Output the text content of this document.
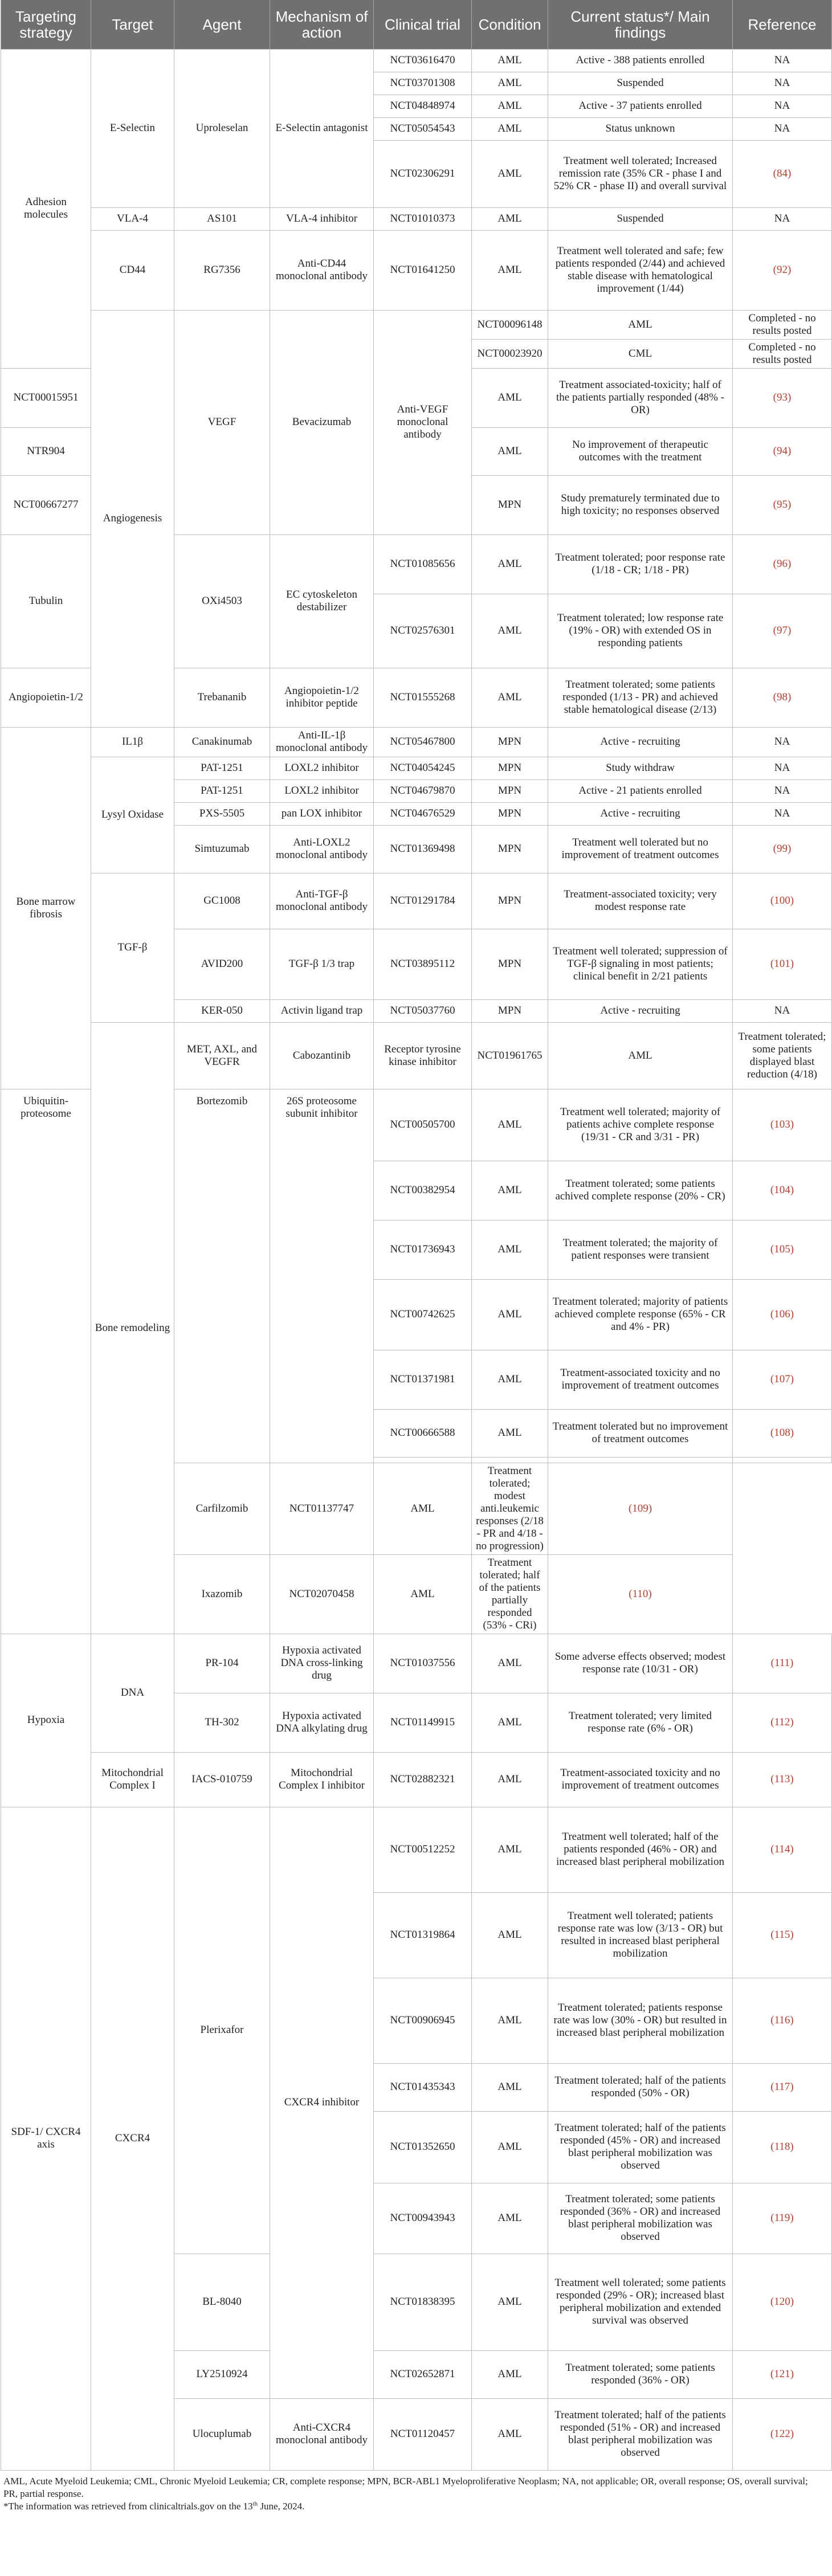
Targeting strategy	Target	Agent	Mechanism of action	Clinical trial	Condition	Current status*/ Main findings	Reference	
Adhesion molecules	E-Selectin	Uproleselan	E-Selectin antagonist	NCT03616470	AML	Active - 388 patients enrolled	NA	
				NCT03701308	AML	Suspended	NA	
				NCT04848974	AML	Active - 37 patients enrolled	NA	
				NCT05054543	AML	Status unknown	NA	
				NCT02306291	AML	Treatment well tolerated; Increased remission rate (35% CR - phase I and 52% CR - phase II) and overall survival	(84)	
	VLA-4	AS101	VLA-4 inhibitor	NCT01010373	AML	Suspended	NA	
	CD44	RG7356	Anti-CD44 monoclonal antibody	NCT01641250	AML	Treatment well tolerated and safe; few patients responded (2/44) and achieved stable disease with hematological improvement (1/44)	(92)	
	Angiogenesis	VEGF	Bevacizumab	Anti-VEGF monoclonal antibody	NCT00096148	AML	Completed - no results posted	
					NCT00023920	CML	Completed - no results posted	
NCT00015951					AML	Treatment associated-toxicity; half of the patients partially responded (48% - OR)	(93)	
NTR904					AML	No improvement of therapeutic outcomes with the treatment	(94)	
NCT00667277					MPN	Study prematurely terminated due to high toxicity; no responses observed	(95)	
Tubulin		OXi4503	EC cytoskeleton destabilizer	NCT01085656	AML	Treatment tolerated; poor response rate (1/18 - CR; 1/18 - PR)	(96)	
				NCT02576301	AML	Treatment tolerated; low response rate (19% - OR) with extended OS in responding patients	(97)	
Angiopoietin-1/2		Trebananib	Angiopoietin-1/2 inhibitor peptide	NCT01555268	AML	Treatment tolerated; some patients responded (1/13 - PR) and achieved stable hematological disease (2/13)	(98)	
Bone marrow fibrosis	IL1β	Canakinumab	Anti-IL-1β monoclonal antibody	NCT05467800	MPN	Active - recruiting	NA	
	Lysyl Oxidase	PAT-1251	LOXL2 inhibitor	NCT04054245	MPN	Study withdraw	NA	
		PAT-1251	LOXL2 inhibitor	NCT04679870	MPN	Active - 21 patients enrolled	NA	
		PXS-5505	pan LOX inhibitor	NCT04676529	MPN	Active - recruiting	NA	
		Simtuzumab	Anti-LOXL2 monoclonal antibody	NCT01369498	MPN	Treatment well tolerated but no improvement of treatment outcomes	(99)	
	TGF-β	GC1008	Anti-TGF-β monoclonal antibody	NCT01291784	MPN	Treatment-associated toxicity; very modest response rate	(100)	
		AVID200	TGF-β 1/3 trap	NCT03895112	MPN	Treatment well tolerated; suppression of TGF-β signaling in most patients; clinical benefit in 2/21 patients	(101)	
		KER-050	Activin ligand trap	NCT05037760	MPN	Active - recruiting	NA	
	Bone remodeling	MET, AXL, and VEGFR	Cabozantinib	Receptor tyrosine kinase inhibitor	NCT01961765	AML	Treatment tolerated; some patients displayed blast reduction (4/18)	
Ubiquitin-proteosome		Bortezomib	26S proteosome subunit inhibitor	NCT00505700	AML	Treatment well tolerated; majority of patients achive complete response (19/31 - CR and 3/31 - PR)	(103)	
				NCT00382954	AML	Treatment tolerated; some patients achived complete response (20% - CR)	(104)	
				NCT01736943	AML	Treatment tolerated; the majority of patient responses were transient	(105)	
				NCT00742625	AML	Treatment tolerated; majority of patients achieved complete response (65% - CR and 4% - PR)	(106)	
				NCT01371981	AML	Treatment-associated toxicity and no improvement of treatment outcomes	(107)	
				NCT00666588	AML	Treatment tolerated but no improvement of treatment outcomes	(108)	

		Carfilzomib	NCT01137747	AML	Treatment tolerated; modest anti.leukemic responses (2/18 - PR and 4/18 - no progression)	(109)		
		Ixazomib	NCT02070458	AML	Treatment tolerated; half of the patients partially responded (53% - CRi)	(110)		
Hypoxia	DNA	PR-104	Hypoxia activated DNA cross-linking drug	NCT01037556	AML	Some adverse effects observed; modest response rate (10/31 - OR)	(111)	
		TH-302	Hypoxia activated DNA alkylating drug	NCT01149915	AML	Treatment tolerated; very limited response rate (6% - OR)	(112)	
	Mitochondrial Complex I	IACS-010759	Mitochondrial Complex I inhibitor	NCT02882321	AML	Treatment-associated toxicity and no improvement of treatment outcomes	(113)	
SDF-1/ CXCR4 axis	CXCR4	Plerixafor	CXCR4 inhibitor	NCT00512252	AML	Treatment well tolerated; half of the patients responded (46% - OR) and increased blast peripheral mobilization	(114)	
				NCT01319864	AML	Treatment well tolerated; patients response rate was low (3/13 - OR) but resulted in increased blast peripheral mobilization	(115)	
				NCT00906945	AML	Treatment tolerated; patients response rate was low (30% - OR) but resulted in increased blast peripheral mobilization	(116)	
				NCT01435343	AML	Treatment tolerated; half of the patients responded (50% - OR)	(117)	
				NCT01352650	AML	Treatment tolerated; half of the patients responded (45% - OR) and increased blast peripheral mobilization was observed	(118)	
				NCT00943943	AML	Treatment tolerated; some patients responded (36% - OR) and increased blast peripheral mobilization was observed	(119)	
		BL-8040		NCT01838395	AML	Treatment well tolerated; some patients responded (29% - OR); increased blast peripheral mobilization and extended survival was observed	(120)	
		LY2510924		NCT02652871	AML	Treatment tolerated; some patients responded (36% - OR)	(121)	
		Ulocuplumab	Anti-CXCR4 monoclonal antibody	NCT01120457	AML	Treatment tolerated; half of the patients responded (51% - OR) and increased blast peripheral mobilization was observed	(122)	

AML, Acute Myeloid Leukemia; CML, Chronic Myeloid Leukemia; CR, complete response; MPN, BCR-ABL1 Myeloproliferative Neoplasm; NA, not applicable; OR, overall response; OS, overall survival; PR, partial response.

*The information was retrieved from clinicaltrials.gov on the 13th June, 2024.
